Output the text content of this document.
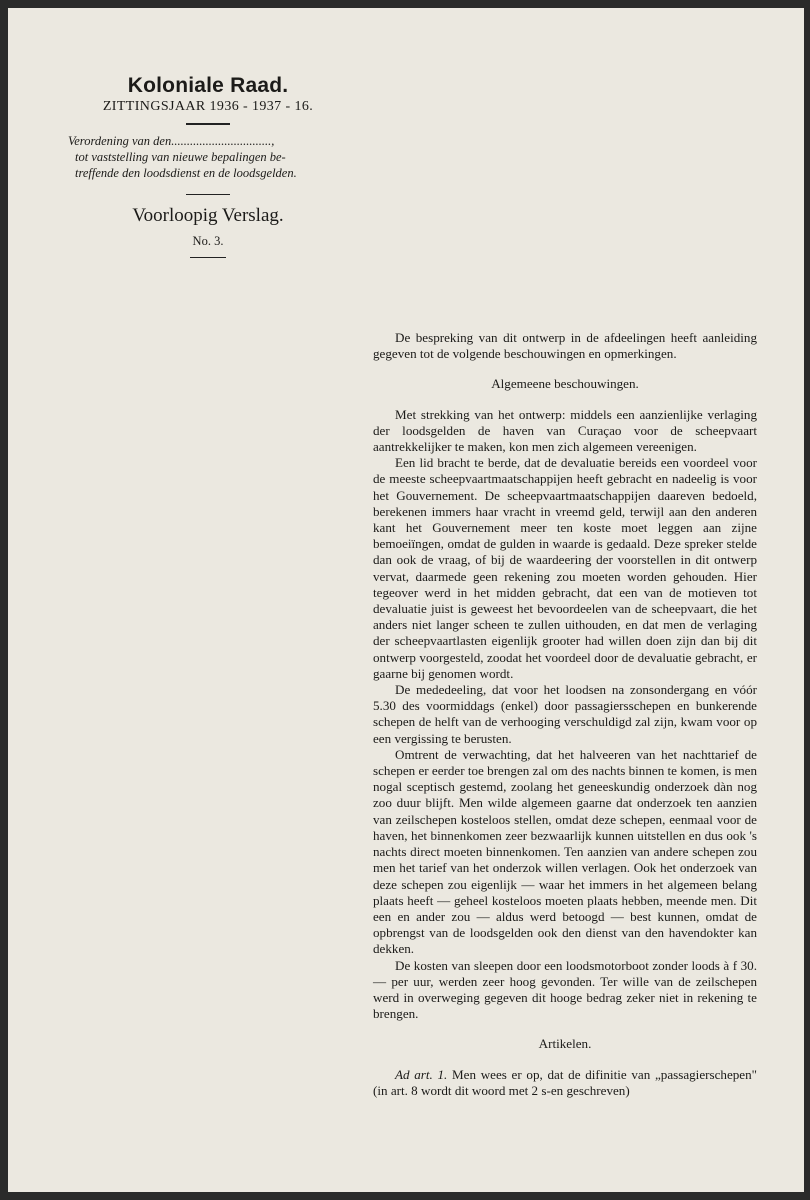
Koloniale Raad.
ZITTINGSJAAR 1936 - 1937 - 16.
Verordening van den................................,
tot vaststelling van nieuwe bepalingen be-
treffende den loodsdienst en de loodsgelden.
Voorloopig Verslag.
No. 3.

De bespreking van dit ontwerp in de afdeelingen heeft aanleiding gegeven tot de volgende beschouwingen en opmerkingen.

Algemeene beschouwingen.

Met strekking van het ontwerp: middels een aanzienlijke verlaging der loodsgelden de haven van Curaçao voor de scheepvaart aantrekkelijker te maken, kon men zich algemeen vereenigen.

Een lid bracht te berde, dat de devaluatie bereids een voordeel voor de meeste scheepvaartmaatschappijen heeft gebracht en nadeelig is voor het Gouvernement. De scheepvaartmaatschappijen daareven bedoeld, berekenen immers haar vracht in vreemd geld, terwijl aan den anderen kant het Gouvernement meer ten koste moet leggen aan zijne bemoeiïngen, omdat de gulden in waarde is gedaald. Deze spreker stelde dan ook de vraag, of bij de waardeering der voorstellen in dit ontwerp vervat, daarmede geen rekening zou moeten worden gehouden. Hier tegeover werd in het midden gebracht, dat een van de motieven tot devaluatie juist is geweest het bevoordeelen van de scheepvaart, die het anders niet langer scheen te zullen uithouden, en dat men de verlaging der scheepvaartlasten eigenlijk grooter had willen doen zijn dan bij dit ontwerp voorgesteld, zoodat het voordeel door de devaluatie gebracht, er gaarne bij genomen wordt.

De mededeeling, dat voor het loodsen na zonsondergang en vóór 5.30 des voormiddags (enkel) door passagiersschepen en bunkerende schepen de helft van de verhooging verschuldigd zal zijn, kwam voor op een vergissing te berusten.

Omtrent de verwachting, dat het halveeren van het nachttarief de schepen er eerder toe brengen zal om des nachts binnen te komen, is men nogal sceptisch gestemd, zoolang het geneeskundig onderzoek dàn nog zoo duur blijft. Men wilde algemeen gaarne dat onderzoek ten aanzien van zeilschepen kosteloos stellen, omdat deze schepen, eenmaal voor de haven, het binnenkomen zeer bezwaarlijk kunnen uitstellen en dus ook 's nachts direct moeten binnenkomen. Ten aanzien van andere schepen zou men het tarief van het onderzok willen verlagen. Ook het onderzoek van deze schepen zou eigenlijk — waar het immers in het algemeen belang plaats heeft — geheel kosteloos moeten plaats hebben, meende men. Dit een en ander zou — aldus werd betoogd — best kunnen, omdat de opbrengst van de loodsgelden ook den dienst van den havendokter kan dekken.

De kosten van sleepen door een loodsmotorboot zonder loods à f 30.— per uur, werden zeer hoog gevonden. Ter wille van de zeilschepen werd in overweging gegeven dit hooge bedrag zeker niet in rekening te brengen.

Artikelen.

Ad art. 1. Men wees er op, dat de difinitie van „passagierschepen" (in art. 8 wordt dit woord met 2 s-en geschreven)
